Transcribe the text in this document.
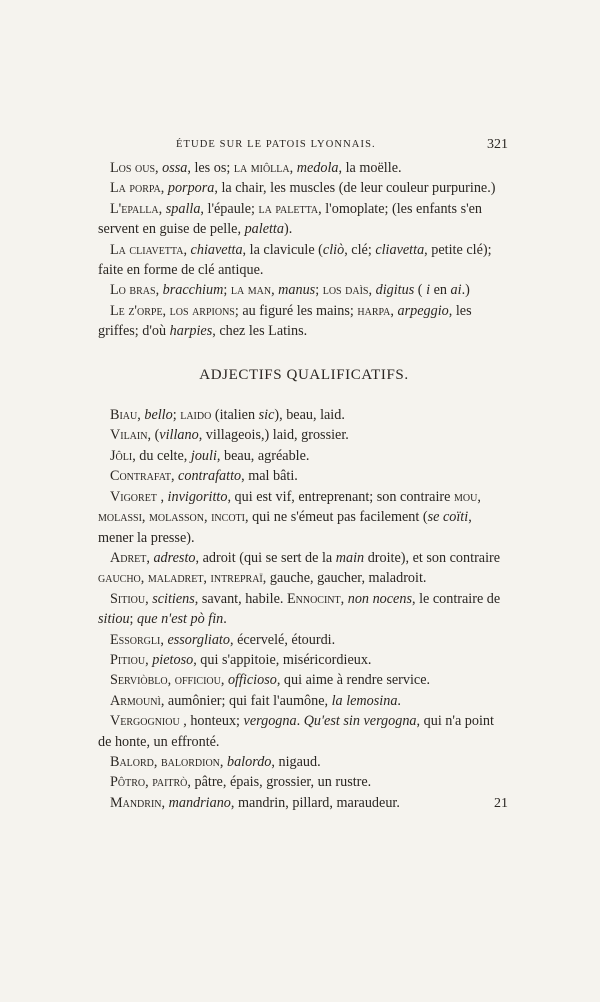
ÉTUDE SUR LE PATOIS LYONNAIS.	321

Los ous, ossa, les os; la miôlla, medola, la moëlle.

La porpa, porpora, la chair, les muscles (de leur couleur purpurine.)

L'epalla, spalla, l'épaule; la paletta, l'omoplate; (les enfants s'en servent en guise de pelle, paletta).

La cliavetta, chiavetta, la clavicule (cliò, clé; cliavetta, petite clé); faite en forme de clé antique.

Lo bras, bracchium; la man, manus; los daìs, digitus ( i en ai.)

Le z'orpe, los arpions; au figuré les mains; harpa, arpeggio, les griffes; d'où harpies, chez les Latins.

ADJECTIFS QUALIFICATIFS.

Biau, bello; laido (italien sic), beau, laid.

Vilain, (villano, villageois,) laid, grossier.

Jôli, du celte, jouli, beau, agréable.

Contrafat, contrafatto, mal bâti.

Vigoret , invigoritto, qui est vif, entreprenant; son contraire mou, molassi, molasson, incoti, qui ne s'émeut pas facilement (se coïti, mener la presse).

Adret, adresto, adroit (qui se sert de la main droite), et son contraire gaucho, maladret, intrepraï, gauche, gaucher, maladroit.

Sitiou, scitiens, savant, habile. Ennocint, non nocens, le contraire de sitiou; que n'est pò fin.

Essorgli, essorgliato, écervelé, étourdi.

Pitiou, pietoso, qui s'appitoie, miséricordieux.

Serviòblo, officiou, officioso, qui aime à rendre service.

Armounì, aumônier; qui fait l'aumône, la lemosina.

Vergogniou , honteux; vergogna. Qu'est sin vergogna, qui n'a point de honte, un effronté.

Balord, balordion, balordo, nigaud.

Pôtro, paitrò, pâtre, épais, grossier, un rustre.

Mandrin, mandriano, mandrin, pillard, maraudeur.	21
